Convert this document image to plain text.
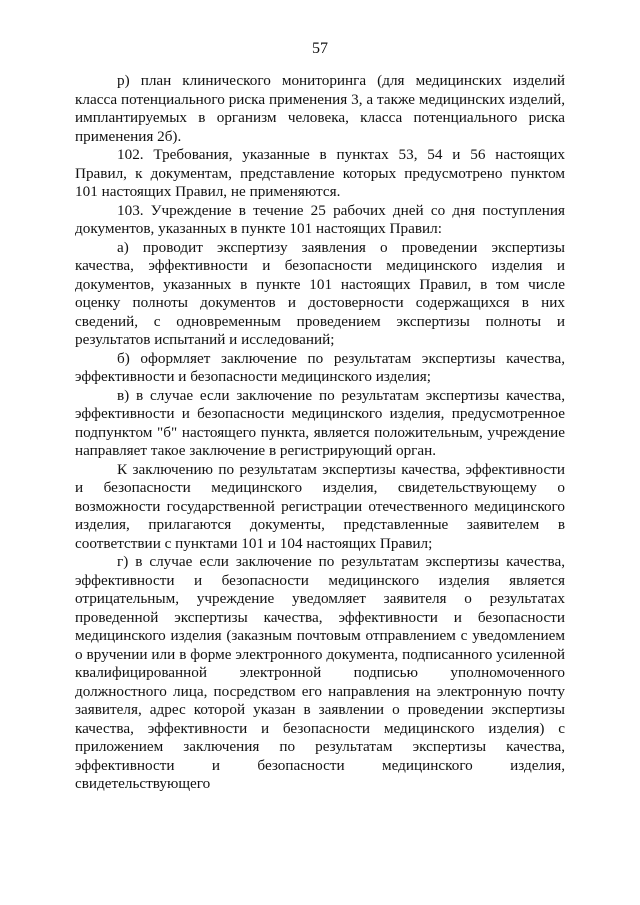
57

р) план клинического мониторинга (для медицинских изделий класса потенциального риска применения 3, а также медицинских изделий, имплантируемых в организм человека, класса потенциального риска применения 2б).

102. Требования, указанные в пунктах 53, 54 и 56 настоящих Правил, к документам, представление которых предусмотрено пунктом 101 настоящих Правил, не применяются.

103. Учреждение в течение 25 рабочих дней со дня поступления документов, указанных в пункте 101 настоящих Правил:

а) проводит экспертизу заявления о проведении экспертизы качества, эффективности и безопасности медицинского изделия и документов, указанных в пункте 101 настоящих Правил, в том числе оценку полноты документов и достоверности содержащихся в них сведений, с одновременным проведением экспертизы полноты и результатов испытаний и исследований;

б) оформляет заключение по результатам экспертизы качества, эффективности и безопасности медицинского изделия;

в) в случае если заключение по результатам экспертизы качества, эффективности и безопасности медицинского изделия, предусмотренное подпунктом "б" настоящего пункта, является положительным, учреждение направляет такое заключение в регистрирующий орган.

К заключению по результатам экспертизы качества, эффективности и безопасности медицинского изделия, свидетельствующему о возможности государственной регистрации отечественного медицинского изделия, прилагаются документы, представленные заявителем в соответствии с пунктами 101 и 104 настоящих Правил;

г) в случае если заключение по результатам экспертизы качества, эффективности и безопасности медицинского изделия является отрицательным, учреждение уведомляет заявителя о результатах проведенной экспертизы качества, эффективности и безопасности медицинского изделия (заказным почтовым отправлением с уведомлением о вручении или в форме электронного документа, подписанного усиленной квалифицированной электронной подписью уполномоченного должностного лица, посредством его направления на электронную почту заявителя, адрес которой указан в заявлении о проведении экспертизы качества, эффективности и безопасности медицинского изделия) с приложением заключения по результатам экспертизы качества, эффективности и безопасности медицинского изделия, свидетельствующего
